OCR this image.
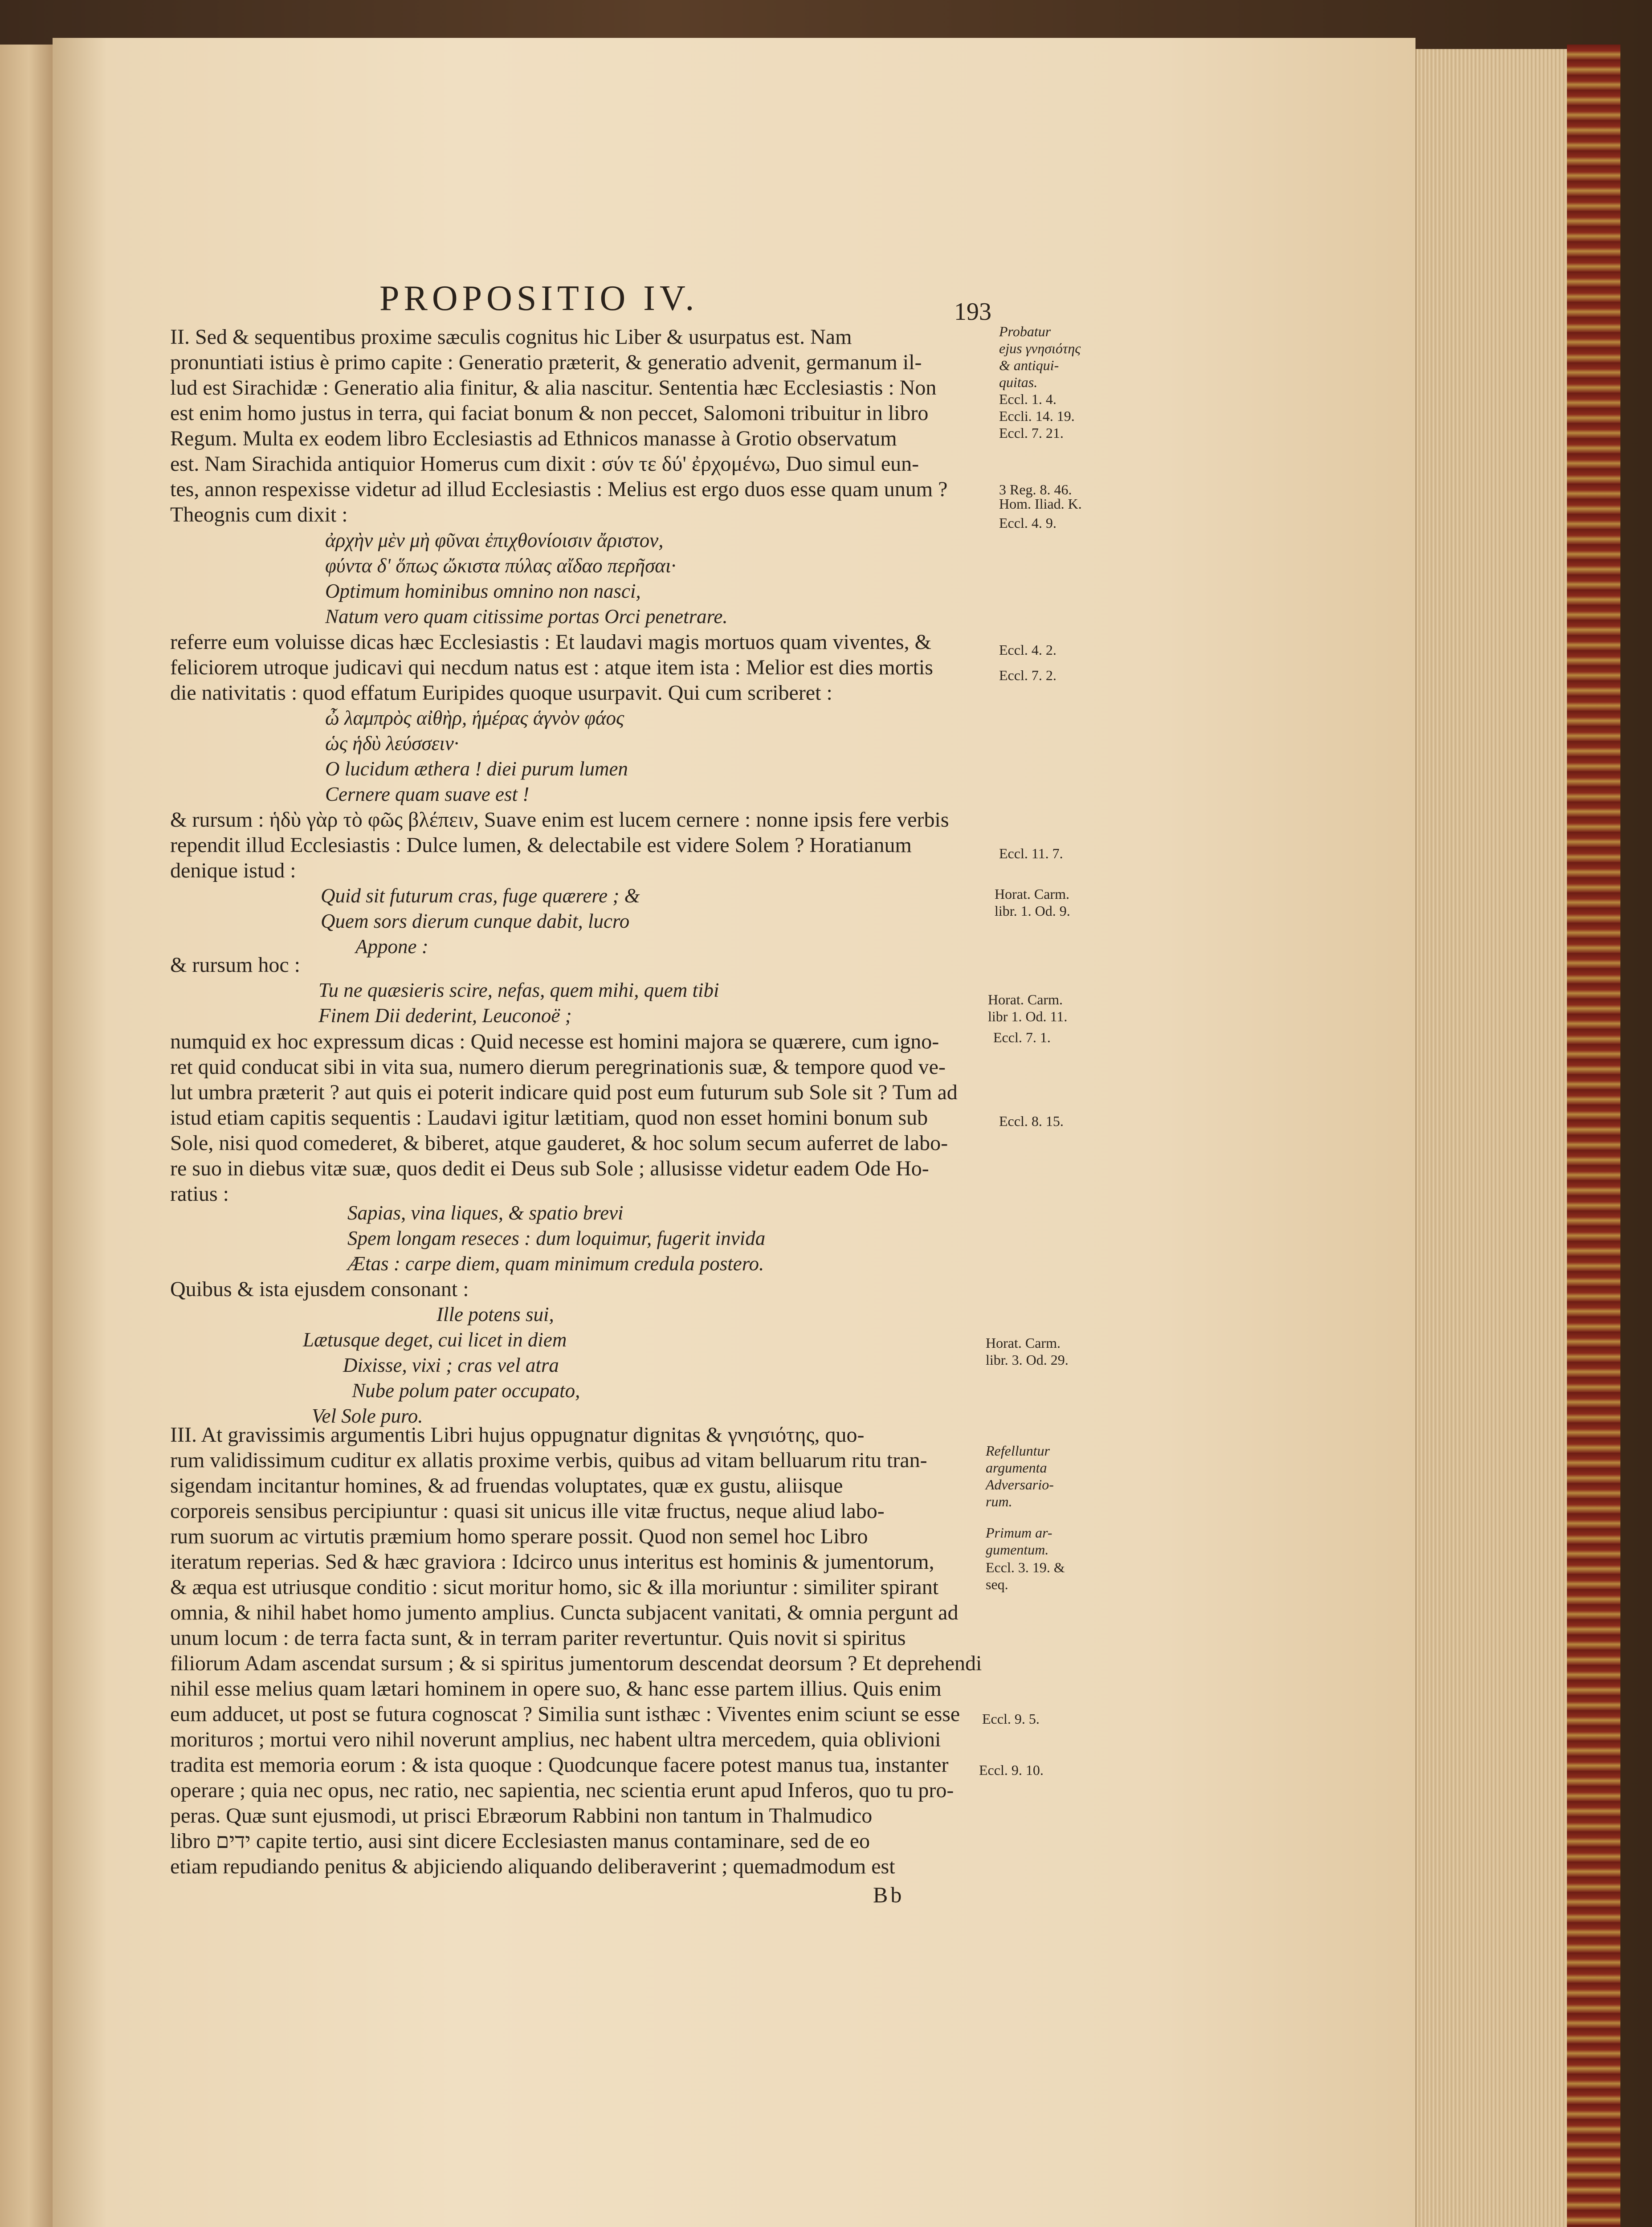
PROPOSITIO IV.	193
II. Sed & sequentibus proxime sæculis cognitus hic Liber & usurpatus est. Nam
pronuntiati istius è primo capite : Generatio præterit, & generatio advenit, germanum il-
lud est Sirachidæ : Generatio alia finitur, & alia nascitur. Sententia hæc Ecclesiastis : Non
est enim homo justus in terra, qui faciat bonum & non peccet, Salomoni tribuitur in libro
Regum. Multa ex eodem libro Ecclesiastis ad Ethnicos manasse à Grotio observatum
est. Nam Sirachida antiquior Homerus cum dixit : σύν τε δύ' ἐρχομένω, Duo simul eun-
tes, annon respexisse videtur ad illud Ecclesiastis : Melius est ergo duos esse quam unum ?
Theognis cum dixit :
ἀρχὴν μὲν μὴ φῦναι ἐπιχθονίοισιν ἄριστον,
φύντα δ' ὅπως ὤκιστα πύλας αἴδαο περῆσαι·
Optimum hominibus omnino non nasci,
Natum vero quam citissime portas Orci penetrare.
referre eum voluisse dicas hæc Ecclesiastis : Et laudavi magis mortuos quam viventes, &
feliciorem utroque judicavi qui necdum natus est : atque item ista : Melior est dies mortis
die nativitatis : quod effatum Euripides quoque usurpavit. Qui cum scriberet :
ὦ λαμπρὸς αἰθὴρ, ἡμέρας ἁγνὸν φάος
ὡς ἡδὺ λεύσσειν·
O lucidum æthera ! diei purum lumen
Cernere quam suave est !
& rursum : ἡδὺ γὰρ τὸ φῶς βλέπειν, Suave enim est lucem cernere : nonne ipsis fere verbis
rependit illud Ecclesiastis : Dulce lumen, & delectabile est videre Solem ? Horatianum
denique istud :
Quid sit futurum cras, fuge quærere ; &
Quem sors dierum cunque dabit, lucro
Appone :
& rursum hoc :
Tu ne quæsieris scire, nefas, quem mihi, quem tibi
Finem Dii dederint, Leuconoë ;
numquid ex hoc expressum dicas : Quid necesse est homini majora se quærere, cum igno-
ret quid conducat sibi in vita sua, numero dierum peregrinationis suæ, & tempore quod ve-
lut umbra præterit ? aut quis ei poterit indicare quid post eum futurum sub Sole sit ? Tum ad
istud etiam capitis sequentis : Laudavi igitur lætitiam, quod non esset homini bonum sub
Sole, nisi quod comederet, & biberet, atque gauderet, & hoc solum secum auferret de labo-
re suo in diebus vitæ suæ, quos dedit ei Deus sub Sole ; allusisse videtur eadem Ode Ho-
ratius :
Sapias, vina liques, & spatio brevi
Spem longam reseces : dum loquimur, fugerit invida
Ætas : carpe diem, quam minimum credula postero.
Quibus & ista ejusdem consonant :
Ille potens sui,
Lætusque deget, cui licet in diem
Dixisse, vixi ; cras vel atra
Nube polum pater occupato,
Vel Sole puro.
III. At gravissimis argumentis Libri hujus oppugnatur dignitas & γνησιότης, quo-
rum validissimum cuditur ex allatis proxime verbis, quibus ad vitam belluarum ritu tran-
sigendam incitantur homines, & ad fruendas voluptates, quæ ex gustu, aliisque
corporeis sensibus percipiuntur : quasi sit unicus ille vitæ fructus, neque aliud labo-
rum suorum ac virtutis præmium homo sperare possit. Quod non semel hoc Libro
iteratum reperias. Sed & hæc graviora : Idcirco unus interitus est hominis & jumentorum,
& æqua est utriusque conditio : sicut moritur homo, sic & illa moriuntur : similiter spirant
omnia, & nihil habet homo jumento amplius. Cuncta subjacent vanitati, & omnia pergunt ad
unum locum : de terra facta sunt, & in terram pariter revertuntur. Quis novit si spiritus
filiorum Adam ascendat sursum ; & si spiritus jumentorum descendat deorsum ? Et deprehendi
nihil esse melius quam lætari hominem in opere suo, & hanc esse partem illius. Quis enim
eum adducet, ut post se futura cognoscat ? Similia sunt isthæc : Viventes enim sciunt se esse
morituros ; mortui vero nihil noverunt amplius, nec habent ultra mercedem, quia oblivioni
tradita est memoria eorum : & ista quoque : Quodcunque facere potest manus tua, instanter
operare ; quia nec opus, nec ratio, nec sapientia, nec scientia erunt apud Inferos, quo tu pro-
peras. Quæ sunt ejusmodi, ut prisci Ebræorum Rabbini non tantum in Thalmudico
libro ידים capite tertio, ausi sint dicere Ecclesiasten manus contaminare, sed de eo
etiam repudiando penitus & abjiciendo aliquando deliberaverint ; quemadmodum est
Bb
Probatur
ejus γνησιότης
& antiqui-
quitas.
Eccl. 1. 4.
Eccli. 14. 19.
Eccl. 7. 21.
3 Reg. 8. 46.
Hom. Iliad. K.
Eccl. 4. 9.
Eccl. 4. 2.
Eccl. 7. 2.
Eccl. 11. 7.
Horat. Carm.
libr. 1. Od. 9.
Horat. Carm.
libr 1. Od. 11.
Eccl. 7. 1.
Eccl. 8. 15.
Horat. Carm.
libr. 3. Od. 29.
Refelluntur
argumenta
Adversario-
rum.
Primum ar-
gumentum.
Eccl. 3. 19. &
seq.
Eccl. 9. 5.
Eccl. 9. 10.
